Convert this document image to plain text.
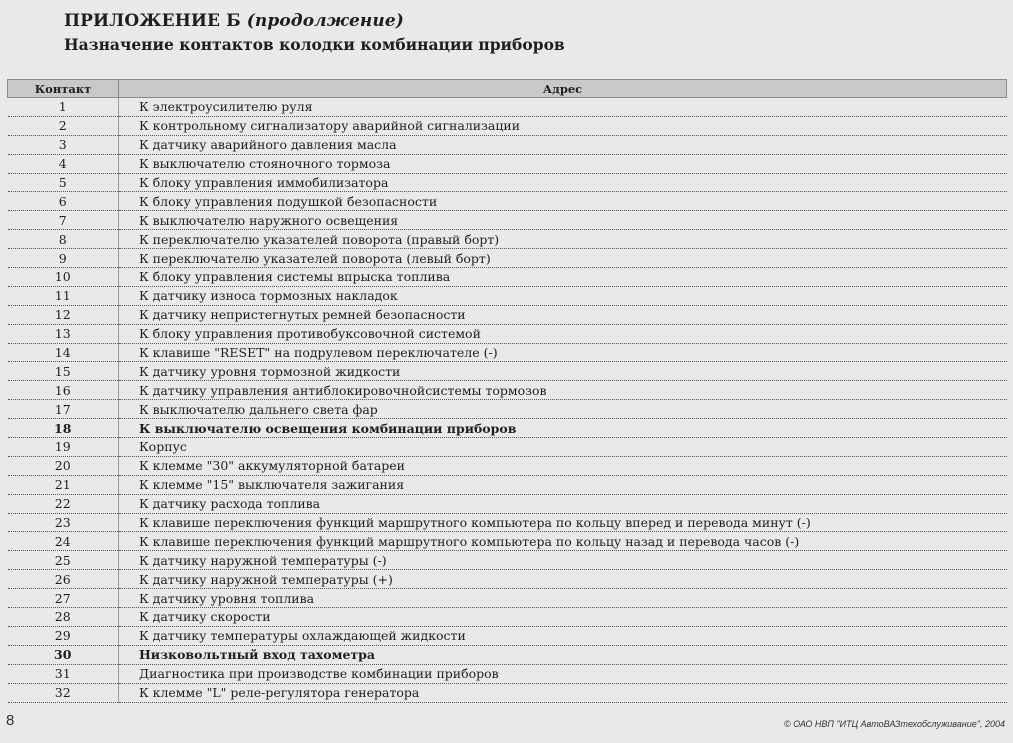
ПРИЛОЖЕНИЕ Б (продолжение)
Назначение контактов колодки комбинации приборов
Контакт	Адрес
1	К электроусилителю руля
2	К контрольному сигнализатору аварийной сигнализации
3	К датчику аварийного давления масла
4	К выключателю стояночного тормоза
5	К блоку управления иммобилизатора
6	К блоку управления подушкой безопасности
7	К выключателю наружного освещения
8	К переключателю указателей поворота (правый борт)
9	К переключателю указателей поворота (левый борт)
10	К блоку управления системы впрыска топлива
11	К датчику износа тормозных накладок
12	К датчику непристегнутых ремней безопасности
13	К блоку управления противобуксовочной системой
14	К клавише "RESET" на подрулевом переключателе (-)
15	К датчику уровня тормозной жидкости
16	К датчику управления антиблокировочнойсистемы тормозов
17	К выключателю дальнего света фар
18	К выключателю освещения комбинации приборов
19	Корпус
20	К клемме "30" аккумуляторной батареи
21	К клемме "15" выключателя зажигания
22	К датчику расхода топлива
23	К клавише переключения функций маршрутного компьютера по кольцу вперед и перевода минут (-)
24	К клавише переключения функций маршрутного компьютера по кольцу назад и перевода часов (-)
25	К датчику наружной температуры (-)
26	К датчику наружной температуры (+)
27	К датчику уровня топлива
28	К датчику скорости
29	К датчику температуры охлаждающей жидкости
30	Низковольтный вход тахометра
31	Диагностика при производстве комбинации приборов
32	К клемме "L" реле-регулятора генератора
8	© ОАО НВП "ИТЦ АвтоВАЗтехобслуживание", 2004
